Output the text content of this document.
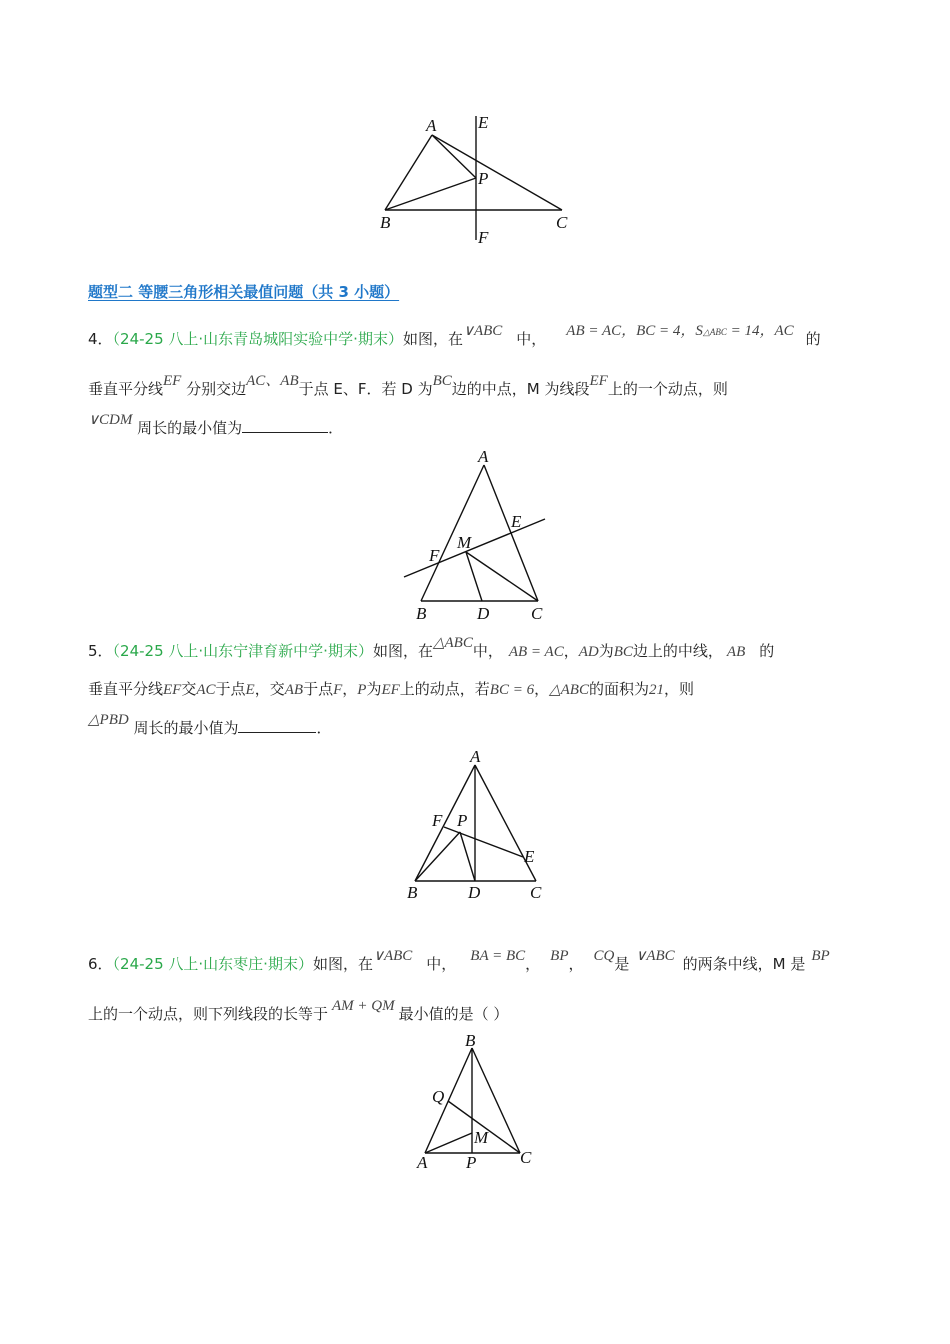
A E
P
B	C
F
题型二 等腰三角形相关最值问题（共 3 小题）
4．（24-25 八上·山东青岛城阳实验中学·期末）如图，在∨ABC 中， AB = AC，BC = 4，$S^{\triangle ABC} = 14$，AC 的
垂直平分线EF 分别交边AC、AB于点 E、F．若 D 为BC边的中点，M 为线段EF上的一个动点，则
∨CDM 周长的最小值为	．
A
E
M
F
B	D C
5．（24-25 八上·山东宁津育新中学·期末）如图，在△ABC中， AB = AC，AD为BC边上的中线， AB 的
垂直平分线EF交AC于点E，交AB于点F，P为EF上的动点，若BC = 6，△ABC的面积为21，则
△PBD 周长的最小值为	．
A
F P
E
B	D	C
6．（24-25 八上·山东枣庄·期末）如图，在∨ABC 中， BA = BC， BP， CQ是 ∨ABC 的两条中线，M 是 BP
上的一个动点，则下列线段的长等于 AM + QM 最小值的是（ ）
B
Q
M
A P	C
